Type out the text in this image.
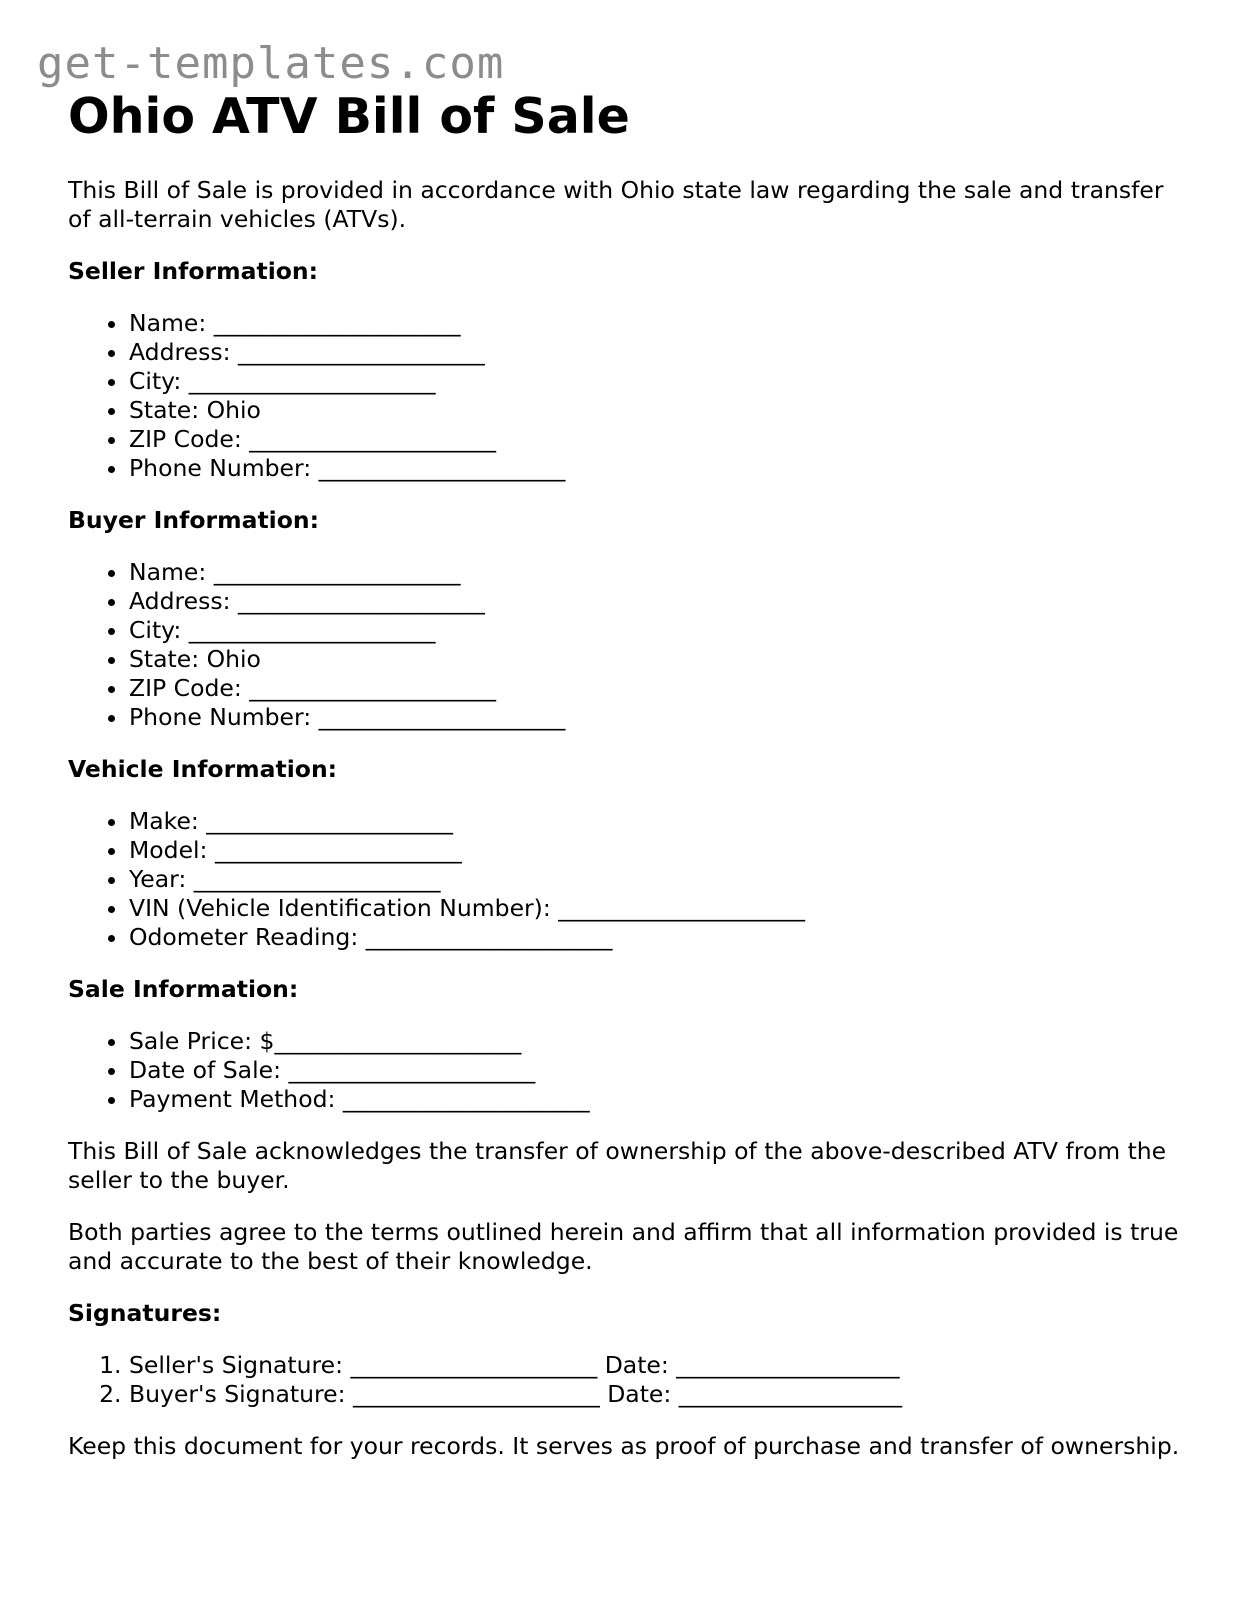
get-templates.com
Ohio ATV Bill of Sale

This Bill of Sale is provided in accordance with Ohio state law regarding the sale and transfer of all-terrain vehicles (ATVs).

Seller Information:
• Name: _____________________
• Address: _____________________
• City: _____________________
• State: Ohio
• ZIP Code: _____________________
• Phone Number: _____________________
Buyer Information:
• Name: _____________________
• Address: _____________________
• City: _____________________
• State: Ohio
• ZIP Code: _____________________
• Phone Number: _____________________
Vehicle Information:
• Make: _____________________
• Model: _____________________
• Year: _____________________
• VIN (Vehicle Identification Number): _____________________
• Odometer Reading: _____________________
Sale Information:
• Sale Price: $_____________________
• Date of Sale: _____________________
• Payment Method: _____________________

This Bill of Sale acknowledges the transfer of ownership of the above-described ATV from the seller to the buyer.

Both parties agree to the terms outlined herein and affirm that all information provided is true and accurate to the best of their knowledge.

Signatures:
1. Seller's Signature: _____________________ Date: ___________________
2. Buyer's Signature: _____________________ Date: ___________________

Keep this document for your records. It serves as proof of purchase and transfer of ownership.
